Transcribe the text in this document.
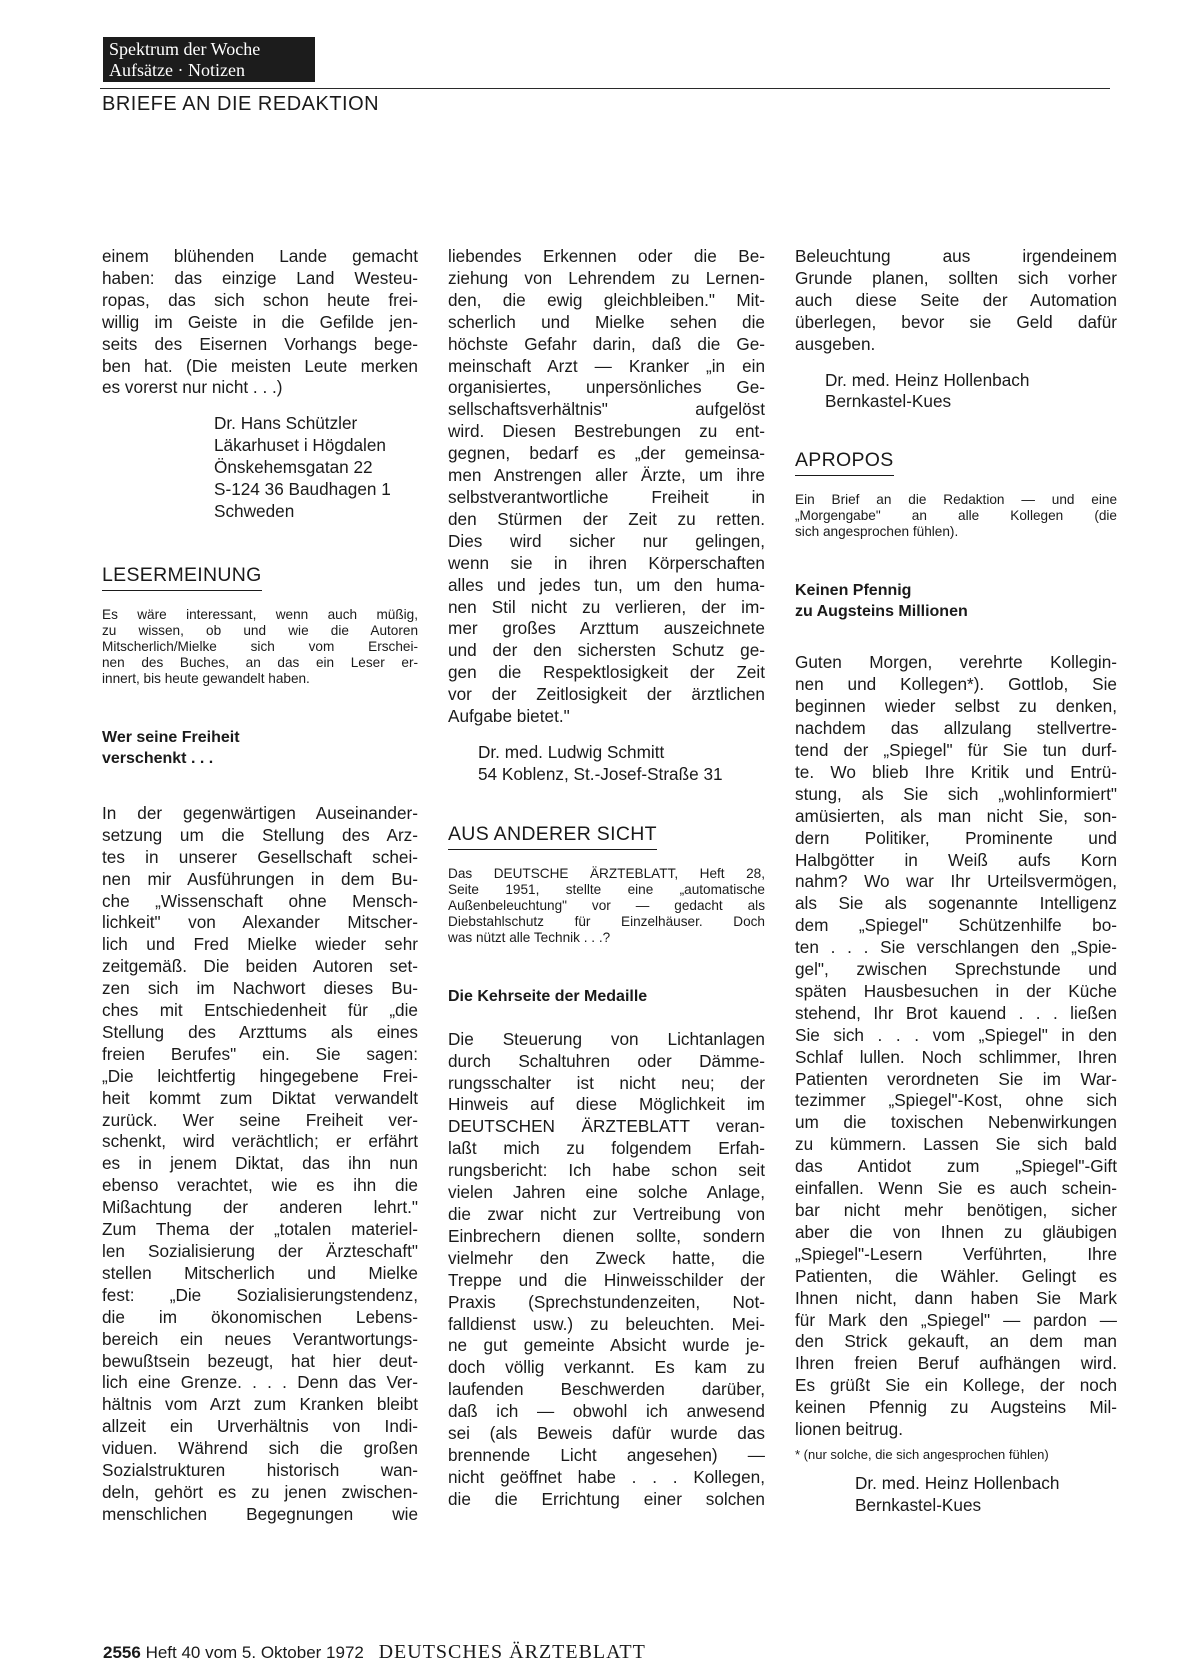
Spektrum der Woche
Aufsätze · Notizen
BRIEFE AN DIE REDAKTION

einem blühenden Lande gemacht
haben: das einzige Land Westeu-
ropas, das sich schon heute frei-
willig im Geiste in die Gefilde jen-
seits des Eisernen Vorhangs bege-
ben hat. (Die meisten Leute merken
es vorerst nur nicht . . .)

Dr. Hans Schützler
Läkarhuset i Högdalen
Önskehemsgatan 22
S-124 36 Baudhagen 1
Schweden
LESERMEINUNG
Es wäre interessant, wenn auch müßig,
zu wissen, ob und wie die Autoren
Mitscherlich/Mielke sich vom Erschei-
nen des Buches, an das ein Leser er-
innert, bis heute gewandelt haben.
Wer seine Freiheit
verschenkt . . .

In der gegenwärtigen Auseinander-
setzung um die Stellung des Arz-
tes in unserer Gesellschaft schei-
nen mir Ausführungen in dem Bu-
che „Wissenschaft ohne Mensch-
lichkeit" von Alexander Mitscher-
lich und Fred Mielke wieder sehr
zeitgemäß. Die beiden Autoren set-
zen sich im Nachwort dieses Bu-
ches mit Entschiedenheit für „die
Stellung des Arzttums als eines
freien Berufes" ein. Sie sagen:
„Die leichtfertig hingegebene Frei-
heit kommt zum Diktat verwandelt
zurück. Wer seine Freiheit ver-
schenkt, wird verächtlich; er erfährt
es in jenem Diktat, das ihn nun
ebenso verachtet, wie es ihn die
Mißachtung der anderen lehrt."
Zum Thema der „totalen materiel-
len Sozialisierung der Ärzteschaft"
stellen Mitscherlich und Mielke
fest: „Die Sozialisierungstendenz,
die im ökonomischen Lebens-
bereich ein neues Verantwortungs-
bewußtsein bezeugt, hat hier deut-
lich eine Grenze. . . . Denn das Ver-
hältnis vom Arzt zum Kranken bleibt
allzeit ein Urverhältnis von Indi-
viduen. Während sich die großen
Sozialstrukturen historisch wan-
deln, gehört es zu jenen zwischen-
menschlichen Begegnungen wie

liebendes Erkennen oder die Be-
ziehung von Lehrendem zu Lernen-
den, die ewig gleichbleiben." Mit-
scherlich und Mielke sehen die
höchste Gefahr darin, daß die Ge-
meinschaft Arzt — Kranker „in ein
organisiertes, unpersönliches Ge-
sellschaftsverhältnis" aufgelöst
wird. Diesen Bestrebungen zu ent-
gegnen, bedarf es „der gemeinsa-
men Anstrengen aller Ärzte, um ihre
selbstverantwortliche Freiheit in
den Stürmen der Zeit zu retten.
Dies wird sicher nur gelingen,
wenn sie in ihren Körperschaften
alles und jedes tun, um den huma-
nen Stil nicht zu verlieren, der im-
mer großes Arzttum auszeichnete
und der den sichersten Schutz ge-
gen die Respektlosigkeit der Zeit
vor der Zeitlosigkeit der ärztlichen
Aufgabe bietet."

Dr. med. Ludwig Schmitt
54 Koblenz, St.-Josef-Straße 31
AUS ANDERER SICHT
Das DEUTSCHE ÄRZTEBLATT, Heft 28,
Seite 1951, stellte eine „automatische
Außenbeleuchtung" vor — gedacht als
Diebstahlschutz für Einzelhäuser. Doch
was nützt alle Technik . . .?
Die Kehrseite der Medaille

Die Steuerung von Lichtanlagen
durch Schaltuhren oder Dämme-
rungsschalter ist nicht neu; der
Hinweis auf diese Möglichkeit im
DEUTSCHEN ÄRZTEBLATT veran-
laßt mich zu folgendem Erfah-
rungsbericht: Ich habe schon seit
vielen Jahren eine solche Anlage,
die zwar nicht zur Vertreibung von
Einbrechern dienen sollte, sondern
vielmehr den Zweck hatte, die
Treppe und die Hinweisschilder der
Praxis (Sprechstundenzeiten, Not-
falldienst usw.) zu beleuchten. Mei-
ne gut gemeinte Absicht wurde je-
doch völlig verkannt. Es kam zu
laufenden Beschwerden darüber,
daß ich — obwohl ich anwesend
sei (als Beweis dafür wurde das
brennende Licht angesehen) —
nicht geöffnet habe . . . Kollegen,
die die Errichtung einer solchen

Beleuchtung aus irgendeinem
Grunde planen, sollten sich vorher
auch diese Seite der Automation
überlegen, bevor sie Geld dafür
ausgeben.

Dr. med. Heinz Hollenbach
Bernkastel-Kues
APROPOS
Ein Brief an die Redaktion — und eine
„Morgengabe" an alle Kollegen (die
sich angesprochen fühlen).
Keinen Pfennig
zu Augsteins Millionen

Guten Morgen, verehrte Kollegin-
nen und Kollegen*). Gottlob, Sie
beginnen wieder selbst zu denken,
nachdem das allzulang stellvertre-
tend der „Spiegel" für Sie tun durf-
te. Wo blieb Ihre Kritik und Entrü-
stung, als Sie sich „wohlinformiert"
amüsierten, als man nicht Sie, son-
dern Politiker, Prominente und
Halbgötter in Weiß aufs Korn
nahm? Wo war Ihr Urteilsvermögen,
als Sie als sogenannte Intelligenz
dem „Spiegel" Schützenhilfe bo-
ten . . . Sie verschlangen den „Spie-
gel", zwischen Sprechstunde und
späten Hausbesuchen in der Küche
stehend, Ihr Brot kauend . . . ließen
Sie sich . . . vom „Spiegel" in den
Schlaf lullen. Noch schlimmer, Ihren
Patienten verordneten Sie im War-
tezimmer „Spiegel"-Kost, ohne sich
um die toxischen Nebenwirkungen
zu kümmern. Lassen Sie sich bald
das Antidot zum „Spiegel"-Gift
einfallen. Wenn Sie es auch schein-
bar nicht mehr benötigen, sicher
aber die von Ihnen zu gläubigen
„Spiegel"-Lesern Verführten, Ihre
Patienten, die Wähler. Gelingt es
Ihnen nicht, dann haben Sie Mark
für Mark den „Spiegel" — pardon —
den Strick gekauft, an dem man
Ihren freien Beruf aufhängen wird.
Es grüßt Sie ein Kollege, der noch
keinen Pfennig zu Augsteins Mil-
lionen beitrug.

* (nur solche, die sich angesprochen fühlen)
Dr. med. Heinz Hollenbach
Bernkastel-Kues
2556 Heft 40 vom 5. Oktober 1972 DEUTSCHES ÄRZTEBLATT
